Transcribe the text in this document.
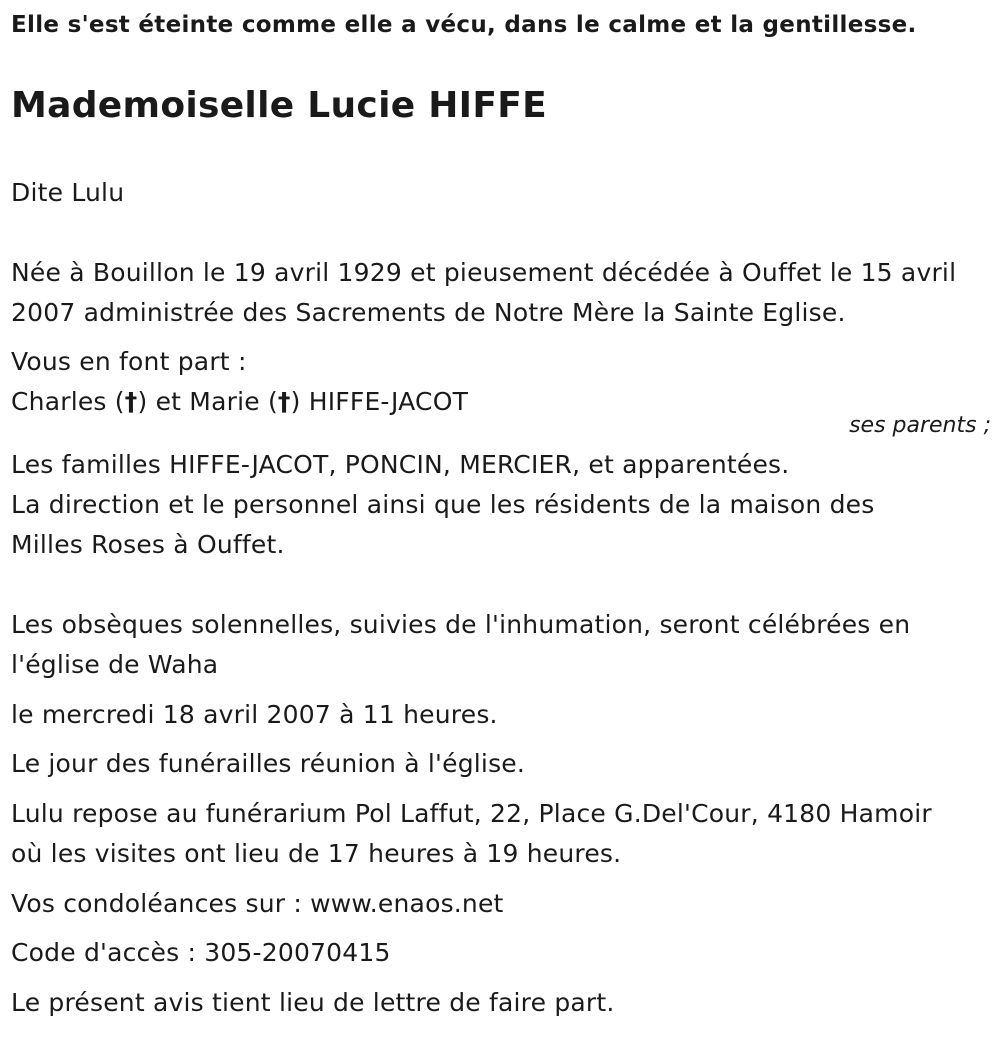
Elle s'est éteinte comme elle a vécu, dans le calme et la gentillesse.
Mademoiselle Lucie HIFFE
Dite Lulu
Née à Bouillon le 19 avril 1929 et pieusement décédée à Ouffet le 15 avril
2007 administrée des Sacrements de Notre Mère la Sainte Eglise.
Vous en font part :
Charles (†) et Marie (†) HIFFE-JACOT
ses parents ;
Les familles HIFFE-JACOT, PONCIN, MERCIER, et apparentées.
La direction et le personnel ainsi que les résidents de la maison des
Milles Roses à Ouffet.
Les obsèques solennelles, suivies de l'inhumation, seront célébrées en
l'église de Waha
le mercredi 18 avril 2007 à 11 heures.
Le jour des funérailles réunion à l'église.
Lulu repose au funérarium Pol Laffut, 22, Place G.Del'Cour, 4180 Hamoir
où les visites ont lieu de 17 heures à 19 heures.
Vos condoléances sur : www.enaos.net
Code d'accès : 305-20070415
Le présent avis tient lieu de lettre de faire part.
